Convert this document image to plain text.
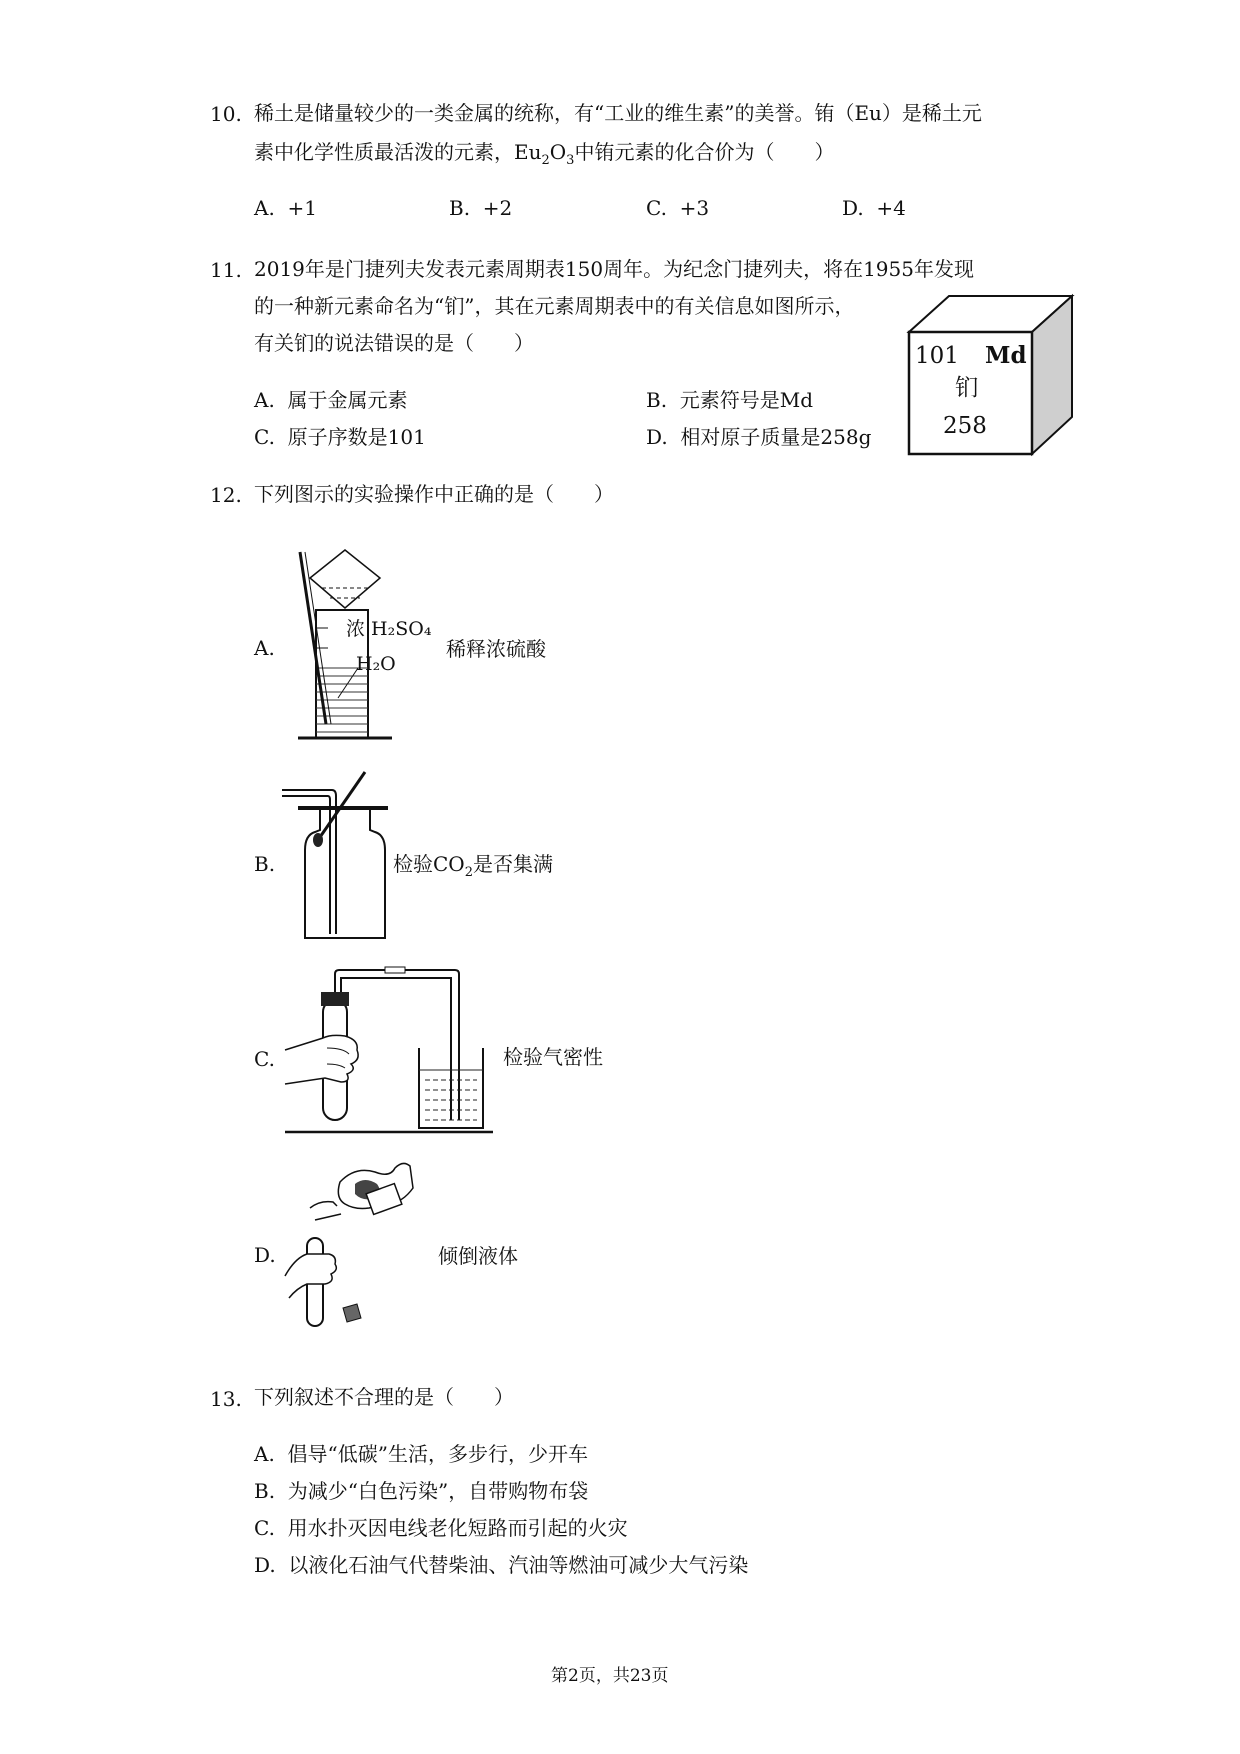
10. 稀土是储量较少的一类金属的统称，有“工业的维生素”的美誉。铕（Eu）是稀土元
素中化学性质最活泼的元素，$Eu_2O_3$中铕元素的化合价为（　　）
A. +1	B. +2	C. +3	D. +4
11. 2019年是门捷列夫发表元素周期表150周年。为纪念门捷列夫，将在1955年发现
的一种新元素命名为“钔”，其在元素周期表中的有关信息如图所示，
有关钔的说法错误的是（　　）
A. 属于金属元素	B. 元素符号是Md
C. 原子序数是101	D. 相对原子质量是258g
101 Md
钔
258
12. 下列图示的实验操作中正确的是（　　）
A.
浓 H₂SO₄
H₂O
稀释浓硫酸
B.	检验$CO_2$是否集满
C.	检验气密性
D.	倾倒液体
13. 下列叙述不合理的是（　　）
A. 倡导“低碳”生活，多步行，少开车
B. 为减少“白色污染”，自带购物布袋
C. 用水扑灭因电线老化短路而引起的火灾
D. 以液化石油气代替柴油、汽油等燃油可减少大气污染
第2页，共23页
